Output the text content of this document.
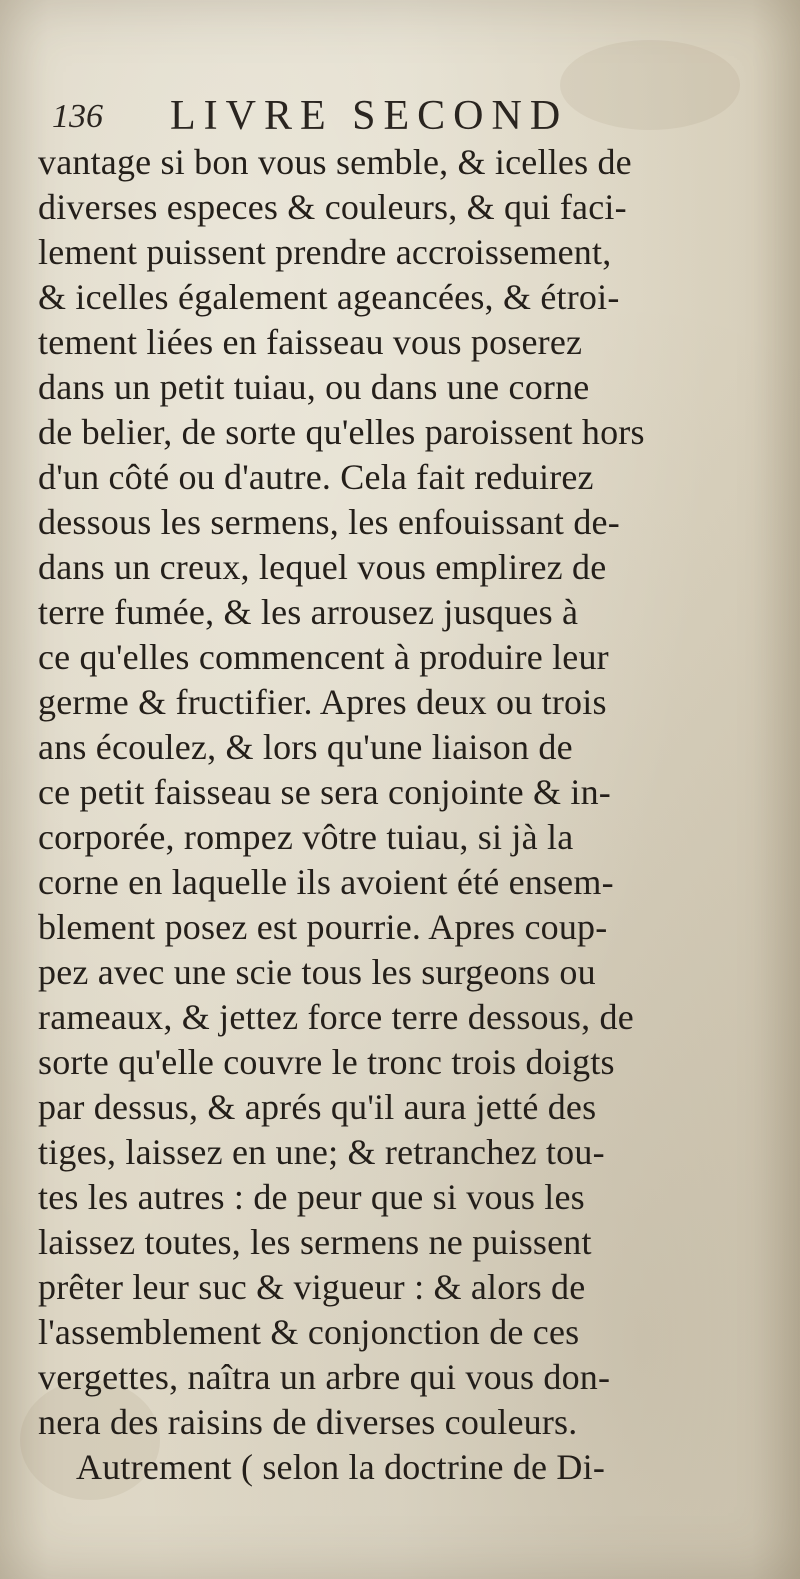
136 LIVRE SECOND
vantage si bon vous semble, & icelles de
diverses especes & couleurs, & qui faci-
lement puissent prendre accroissement,
& icelles également ageancées, & étroi-
tement liées en faisseau vous poserez
dans un petit tuiau, ou dans une corne
de belier, de sorte qu'elles paroissent hors
d'un côté ou d'autre. Cela fait reduirez
dessous les sermens, les enfouissant de-
dans un creux, lequel vous emplirez de
terre fumée, & les arrousez jusques à
ce qu'elles commencent à produire leur
germe & fructifier. Apres deux ou trois
ans écoulez, & lors qu'une liaison de
ce petit faisseau se sera conjointe & in-
corporée, rompez vôtre tuiau, si jà la
corne en laquelle ils avoient été ensem-
blement posez est pourrie. Apres coup-
pez avec une scie tous les surgeons ou
rameaux, & jettez force terre dessous, de
sorte qu'elle couvre le tronc trois doigts
par dessus, & aprés qu'il aura jetté des
tiges, laissez en une; & retranchez tou-
tes les autres : de peur que si vous les
laissez toutes, les sermens ne puissent
prêter leur suc & vigueur : & alors de
l'assemblement & conjonction de ces
vergettes, naîtra un arbre qui vous don-
nera des raisins de diverses couleurs.
Autrement ( selon la doctrine de Di-
